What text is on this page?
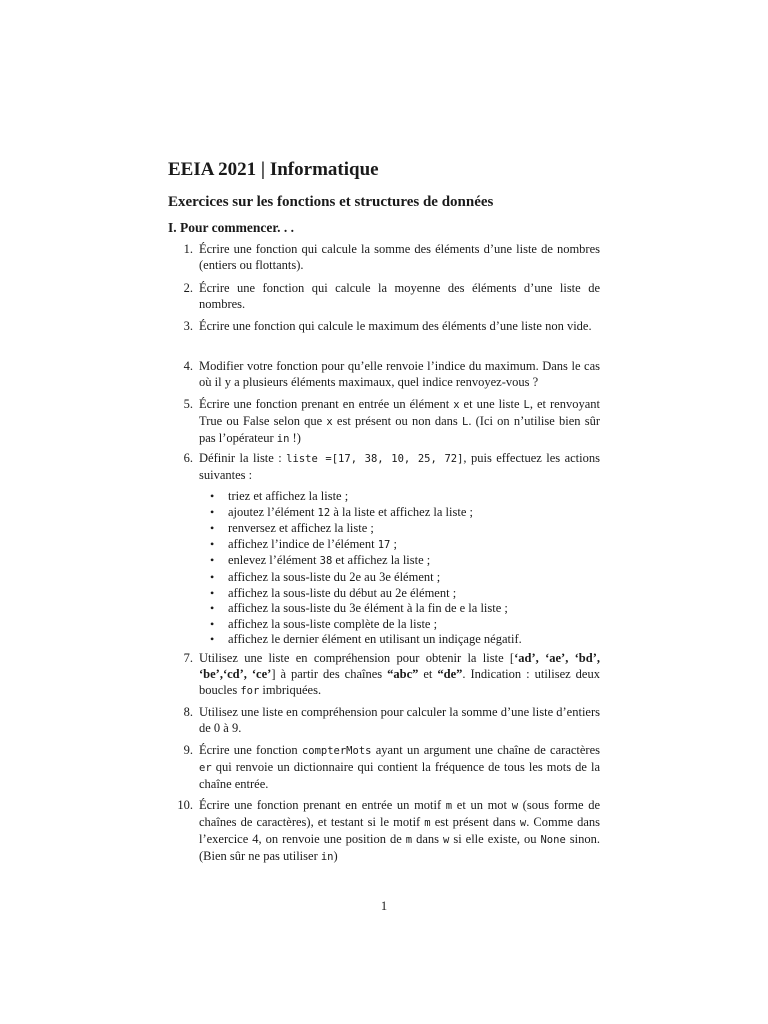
EEIA 2021 | Informatique
Exercices sur les fonctions et structures de données
I. Pour commencer. . .

1. Écrire une fonction qui calcule la somme des éléments d’une liste de nombres (entiers ou flottants).

2. Écrire une fonction qui calcule la moyenne des éléments d’une liste de nombres.

3. Écrire une fonction qui calcule le maximum des éléments d’une liste non vide.

4. Modifier votre fonction pour qu’elle renvoie l’indice du maximum. Dans le cas où il y a plusieurs éléments maximaux, quel indice renvoyez-vous ?

5. Écrire une fonction prenant en entrée un élément x et une liste L, et renvoyant True ou False selon que x est présent ou non dans L. (Ici on n’utilise bien sûr pas l’opérateur in !)

6. Définir la liste : liste =[17, 38, 10, 25, 72], puis effectuez les actions suivantes :

• triez et affichez la liste ;
• ajoutez l’élément 12 à la liste et affichez la liste ;
• renversez et affichez la liste ;
• affichez l’indice de l’élément 17 ;
• enlevez l’élément 38 et affichez la liste ;
• affichez la sous-liste du 2e au 3e élément ;
• affichez la sous-liste du début au 2e élément ;
• affichez la sous-liste du 3e élément à la fin de e la liste ;
• affichez la sous-liste complète de la liste ;
• affichez le dernier élément en utilisant un indiçage négatif.

7. Utilisez une liste en compréhension pour obtenir la liste [‘ad’, ‘ae’, ‘bd’, ‘be’,‘cd’, ‘ce’] à partir des chaînes “abc” et “de”. Indication : utilisez deux boucles for imbriquées.

8. Utilisez une liste en compréhension pour calculer la somme d’une liste d’entiers de 0 à 9.

9. Écrire une fonction compterMots ayant un argument une chaîne de caractères er qui renvoie un dictionnaire qui contient la fréquence de tous les mots de la chaîne entrée.

10. Écrire une fonction prenant en entrée un motif m et un mot w (sous forme de chaînes de caractères), et testant si le motif m est présent dans w. Comme dans l’exercice 4, on renvoie une position de m dans w si elle existe, ou None sinon. (Bien sûr ne pas utiliser in)

1
